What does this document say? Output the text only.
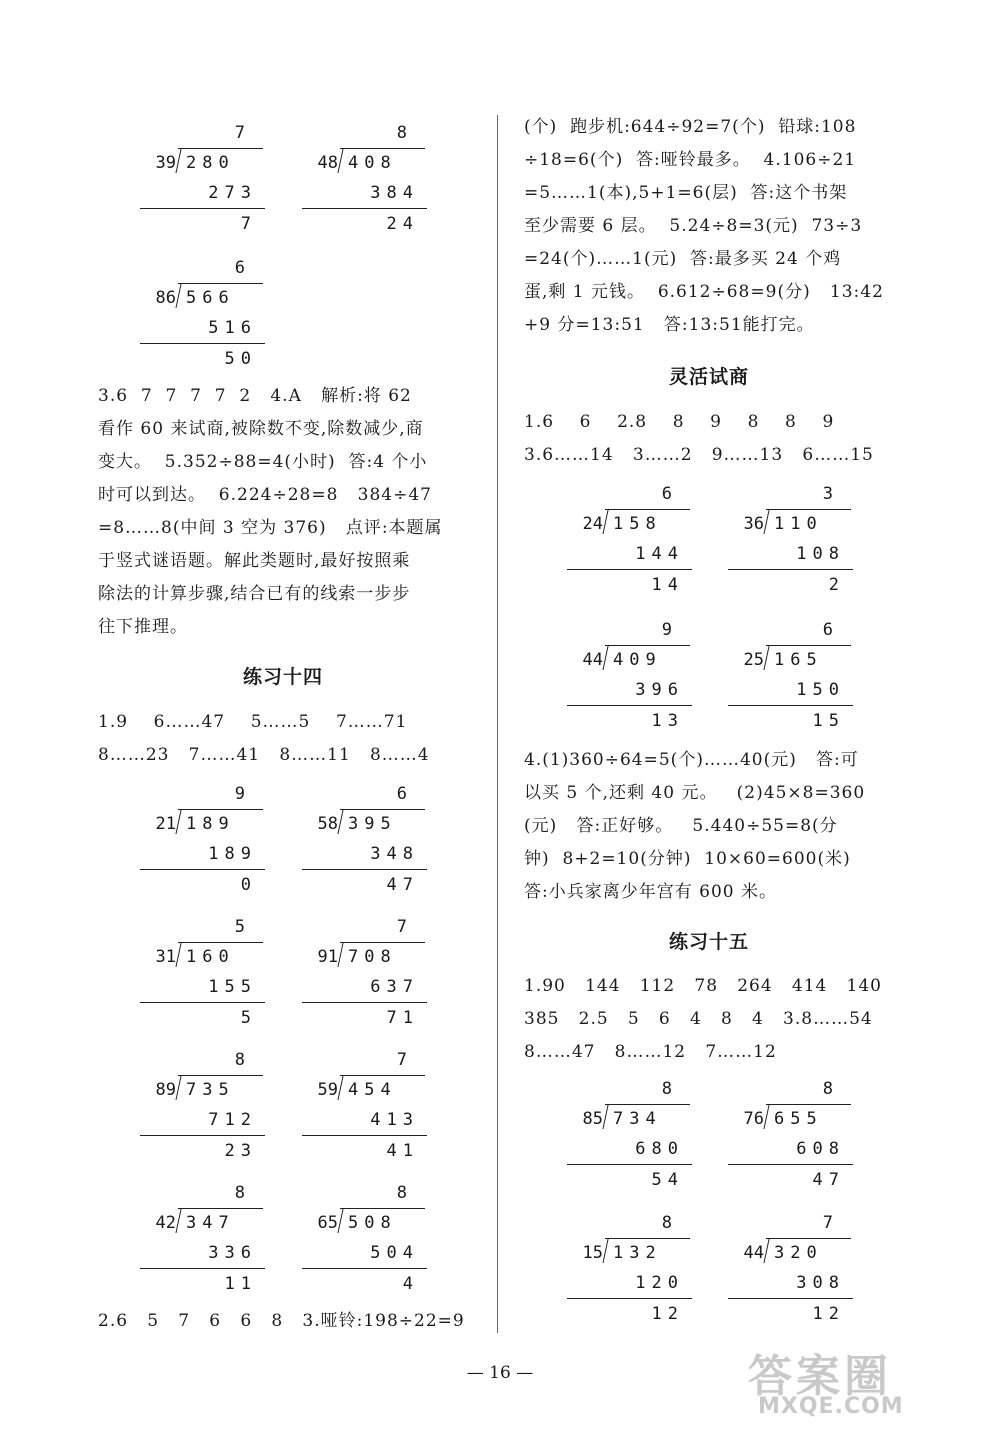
7
39 280
273
7
8
48 408
384
24
6
86 566
516
50
3.6  7  7  7  7  2   4.A   解析:将 62
看作 60 来试商,被除数不变,除数减少,商
变大。  5.352÷88=4(小时)  答:4 个小
时可以到达。  6.224÷28=8   384÷47
=8……8(中间 3 空为 376)   点评:本题属
于竖式谜语题。解此类题时,最好按照乘
除法的计算步骤,结合已有的线索一步步
往下推理。
练习十四
1.9    6……47    5……5    7……71
8……23   7……41   8……11   8……4
9
21 189
189
0
6
58 395
348
47
5
31 160
155
5
7
91 708
637
71
8
89 735
712
23
7
59 454
413
41
8
42 347
336
11
8
65 508
504
4
2.6   5   7   6   6   8   3.哑铃:198÷22=9
(个)  跑步机:644÷92=7(个)  铅球:108
÷18=6(个)  答:哑铃最多。  4.106÷21
=5……1(本),5+1=6(层)  答:这个书架
至少需要 6 层。  5.24÷8=3(元)  73÷3
=24(个)……1(元)  答:最多买 24 个鸡
蛋,剩 1 元钱。  6.612÷68=9(分)   13:42
+9 分=13:51   答:13:51能打完。
灵活试商
1.6    6    2.8    8    9    8    8    9
3.6……14   3……2   9……13   6……15
6
24 158
144
14
3
36 110
108
2
9
44 409
396
13
6
25 165
150
15
4.(1)360÷64=5(个)……40(元)   答:可
以买 5 个,还剩 40 元。   (2)45×8=360
(元)   答:正好够。   5.440÷55=8(分
钟)  8+2=10(分钟)  10×60=600(米)
答:小兵家离少年宫有 600 米。
练习十五
1.90   144   112   78   264   414   140
385   2.5   5   6   4   8   4   3.8……54
8……47   8……12   7……12
8
85 734
680
54
8
76 655
608
47
8
15 132
120
12
7
44 320
308
12
— 16 —	答案圈
MXQE.COM
